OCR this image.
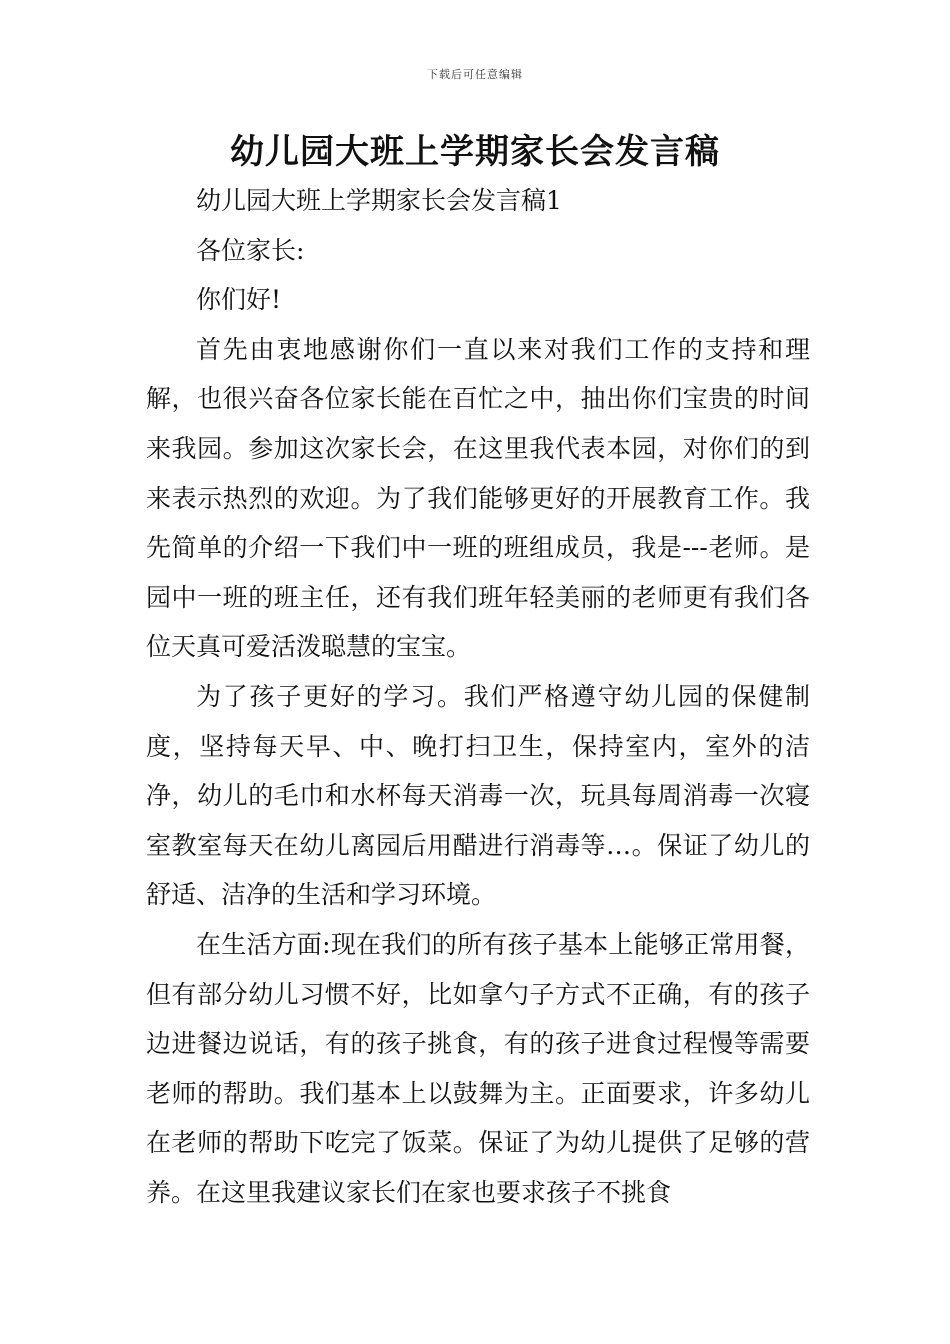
下载后可任意编辑
幼儿园大班上学期家长会发言稿

幼儿园大班上学期家长会发言稿1

各位家长:

你们好!

首先由衷地感谢你们一直以来对我们工作的支持和理解，也很兴奋各位家长能在百忙之中，抽出你们宝贵的时间来我园。参加这次家长会，在这里我代表本园，对你们的到来表示热烈的欢迎。为了我们能够更好的开展教育工作。我先简单的介绍一下我们中一班的班组成员，我是---老师。是园中一班的班主任，还有我们班年轻美丽的老师更有我们各位天真可爱活泼聪慧的宝宝。

为了孩子更好的学习。我们严格遵守幼儿园的保健制度，坚持每天早、中、晚打扫卫生，保持室内，室外的洁净，幼儿的毛巾和水杯每天消毒一次，玩具每周消毒一次寝室教室每天在幼儿离园后用醋进行消毒等…。保证了幼儿的舒适、洁净的生活和学习环境。

在生活方面:现在我们的所有孩子基本上能够正常用餐，但有部分幼儿习惯不好，比如拿勺子方式不正确，有的孩子边进餐边说话，有的孩子挑食，有的孩子进食过程慢等需要老师的帮助。我们基本上以鼓舞为主。正面要求，许多幼儿在老师的帮助下吃完了饭菜。保证了为幼儿提供了足够的营养。在这里我建议家长们在家也要求孩子不挑食
